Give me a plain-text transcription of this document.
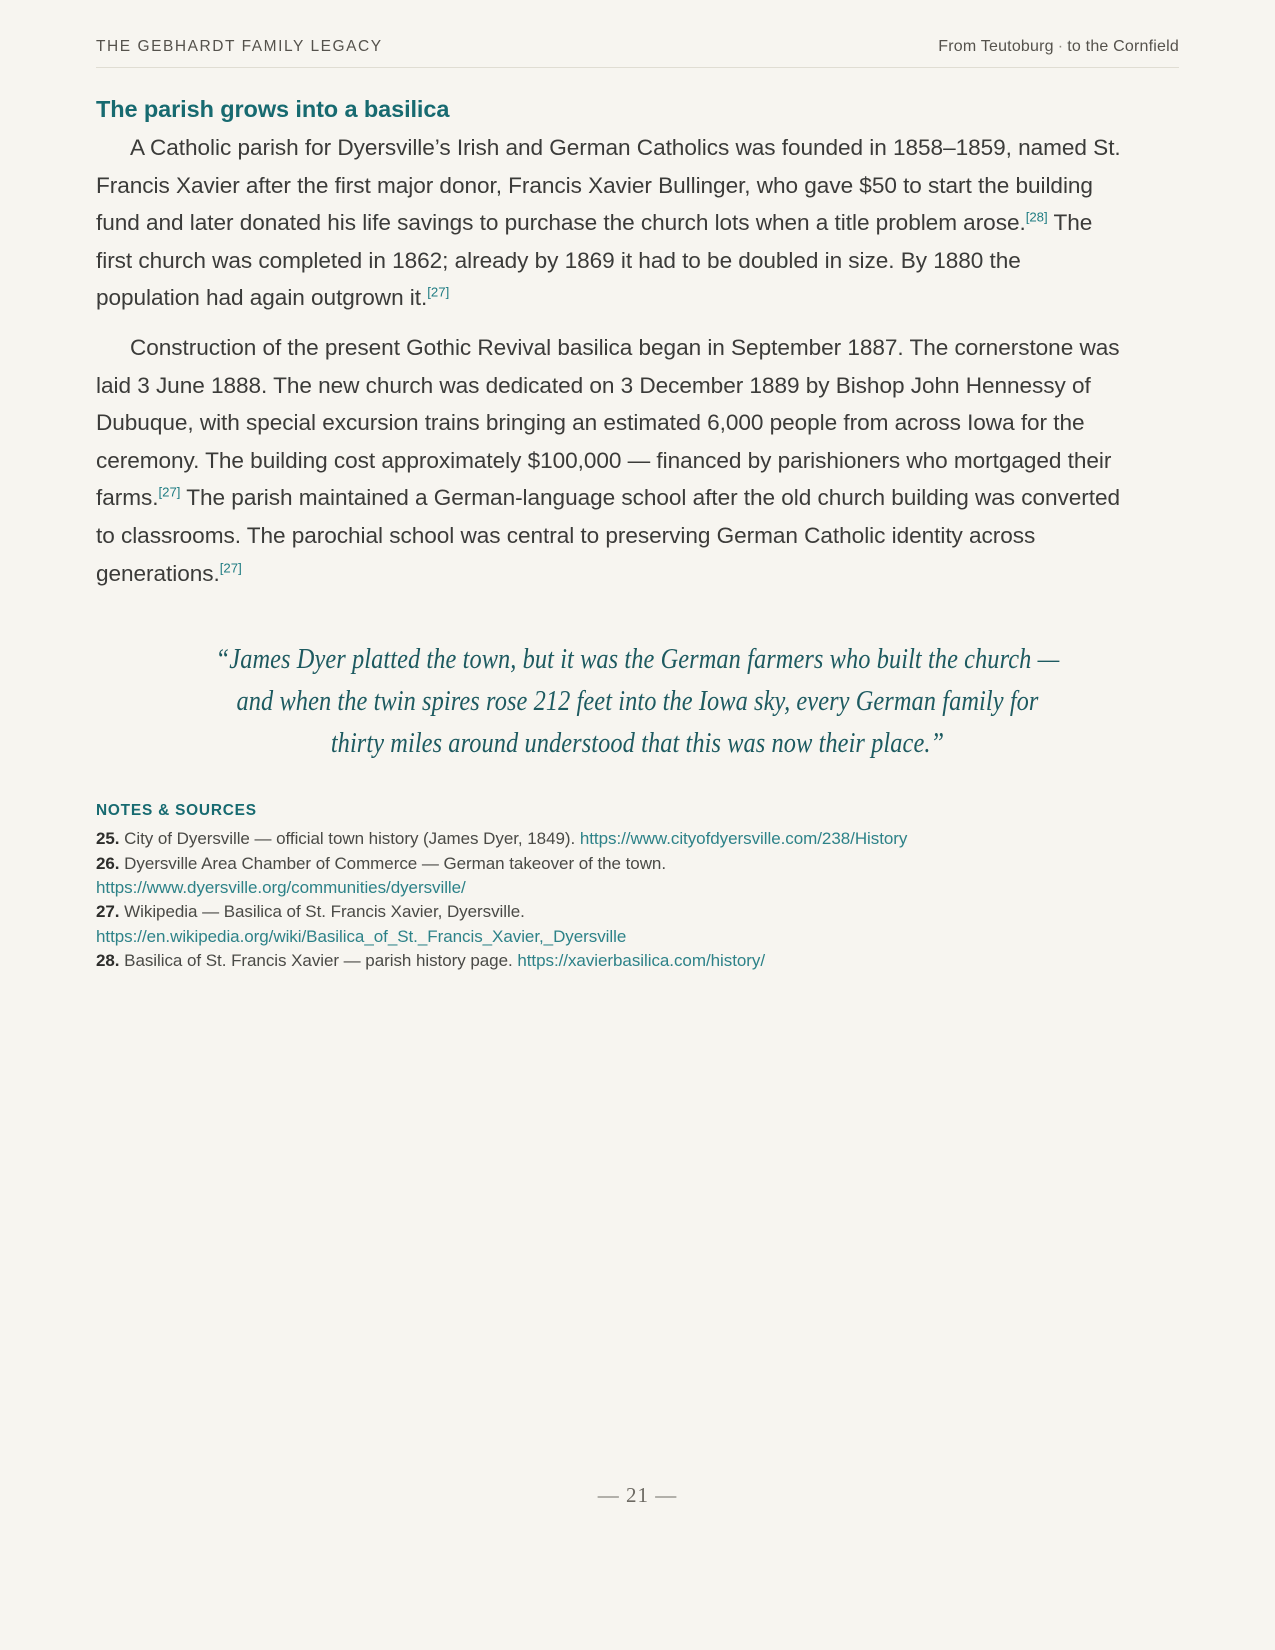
THE GEBHARDT FAMILY LEGACY	From Teutoburg · to the Cornfield
The parish grows into a basilica

A Catholic parish for Dyersville’s Irish and German Catholics was founded in 1858–1859, named St. Francis Xavier after the first major donor, Francis Xavier Bullinger, who gave $50 to start the building fund and later donated his life savings to purchase the church lots when a title problem arose.[28] The first church was completed in 1862; already by 1869 it had to be doubled in size. By 1880 the population had again outgrown it.[27]

Construction of the present Gothic Revival basilica began in September 1887. The cornerstone was laid 3 June 1888. The new church was dedicated on 3 December 1889 by Bishop John Hennessy of Dubuque, with special excursion trains bringing an estimated 6,000 people from across Iowa for the ceremony. The building cost approximately $100,000 — financed by parishioners who mortgaged their farms.[27] The parish maintained a German-language school after the old church building was converted to classrooms. The parochial school was central to preserving German Catholic identity across generations.[27]

“James Dyer platted the town, but it was the German farmers who built the church — and when the twin spires rose 212 feet into the Iowa sky, every German family for thirty miles around understood that this was now their place.”
NOTES & SOURCES
25. City of Dyersville — official town history (James Dyer, 1849). https://www.cityofdyersville.com/238/History
26. Dyersville Area Chamber of Commerce — German takeover of the town.
https://www.dyersville.org/communities/dyersville/
27. Wikipedia — Basilica of St. Francis Xavier, Dyersville.
https://en.wikipedia.org/wiki/Basilica_of_St._Francis_Xavier,_Dyersville
28. Basilica of St. Francis Xavier — parish history page. https://xavierbasilica.com/history/
— 21 —
